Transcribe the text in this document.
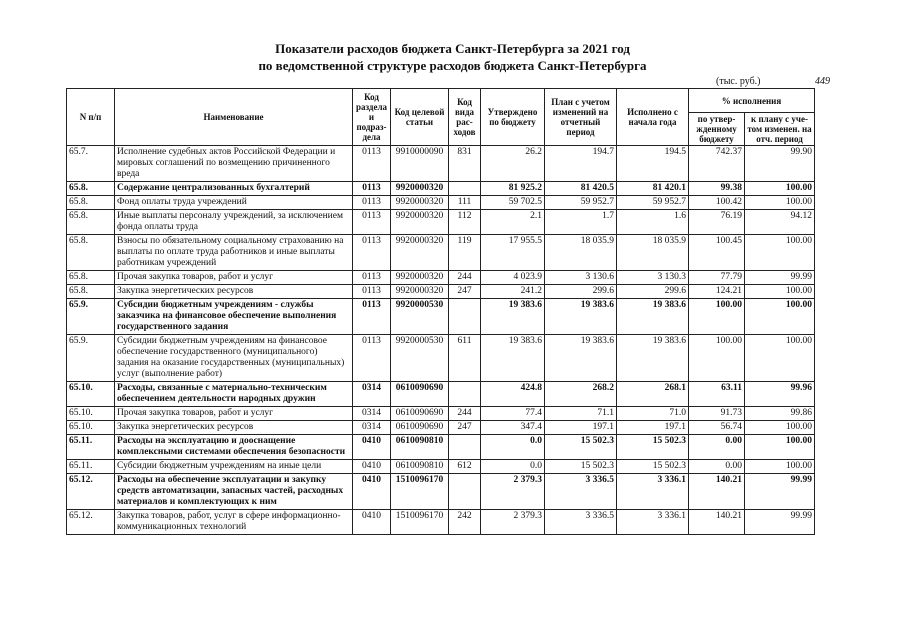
Показатели расходов бюджета Санкт-Петербурга за 2021 год
по ведомственной структуре расходов бюджета Санкт-Петербурга
(тыс. руб.)	449
N п/п	Наименование	Код раздела и подраз- дела	Код целевой статьи	Код вида рас- ходов	Утверждено по бюджету	План с учетом изменений на отчетный период	Исполнено с начала года	% исполнения	
								по утвер- жденному бюджету	к плану с уче- том изменен. на отч. период
65.7.	Исполнение судебных актов Российской Федерации и мировых соглашений по возмещению причиненного вреда	0113	9910000090	831	26.2	194.7	194.5	742.37	99.90
65.8.	Содержание централизованных бухгалтерий	0113	9920000320		81 925.2	81 420.5	81 420.1	99.38	100.00
65.8.	Фонд оплаты труда учреждений	0113	9920000320	111	59 702.5	59 952.7	59 952.7	100.42	100.00
65.8.	Иные выплаты персоналу учреждений, за исключением фонда оплаты труда	0113	9920000320	112	2.1	1.7	1.6	76.19	94.12
65.8.	Взносы по обязательному социальному страхованию на выплаты по оплате труда работников и иные выплаты работникам учреждений	0113	9920000320	119	17 955.5	18 035.9	18 035.9	100.45	100.00
65.8.	Прочая закупка товаров, работ и услуг	0113	9920000320	244	4 023.9	3 130.6	3 130.3	77.79	99.99
65.8.	Закупка энергетических ресурсов	0113	9920000320	247	241.2	299.6	299.6	124.21	100.00
65.9.	Субсидии бюджетным учреждениям - службы заказчика на финансовое обеспечение выполнения государственного задания	0113	9920000530		19 383.6	19 383.6	19 383.6	100.00	100.00
65.9.	Субсидии бюджетным учреждениям на финансовое обеспечение государственного (муниципального) задания на оказание государственных (муниципальных) услуг (выполнение работ)	0113	9920000530	611	19 383.6	19 383.6	19 383.6	100.00	100.00
65.10.	Расходы, связанные с материально-техническим обеспечением деятельности народных дружин	0314	0610090690		424.8	268.2	268.1	63.11	99.96
65.10.	Прочая закупка товаров, работ и услуг	0314	0610090690	244	77.4	71.1	71.0	91.73	99.86
65.10.	Закупка энергетических ресурсов	0314	0610090690	247	347.4	197.1	197.1	56.74	100.00
65.11.	Расходы на эксплуатацию и дооснащение комплексными системами обеспечения безопасности	0410	0610090810		0.0	15 502.3	15 502.3	0.00	100.00
65.11.	Субсидии бюджетным учреждениям на иные цели	0410	0610090810	612	0.0	15 502.3	15 502.3	0.00	100.00
65.12.	Расходы на обеспечение эксплуатации и закупку средств автоматизации, запасных частей, расходных материалов и комплектующих к ним	0410	1510096170		2 379.3	3 336.5	3 336.1	140.21	99.99
65.12.	Закупка товаров, работ, услуг в сфере информационно-коммуникационных технологий	0410	1510096170	242	2 379.3	3 336.5	3 336.1	140.21	99.99
